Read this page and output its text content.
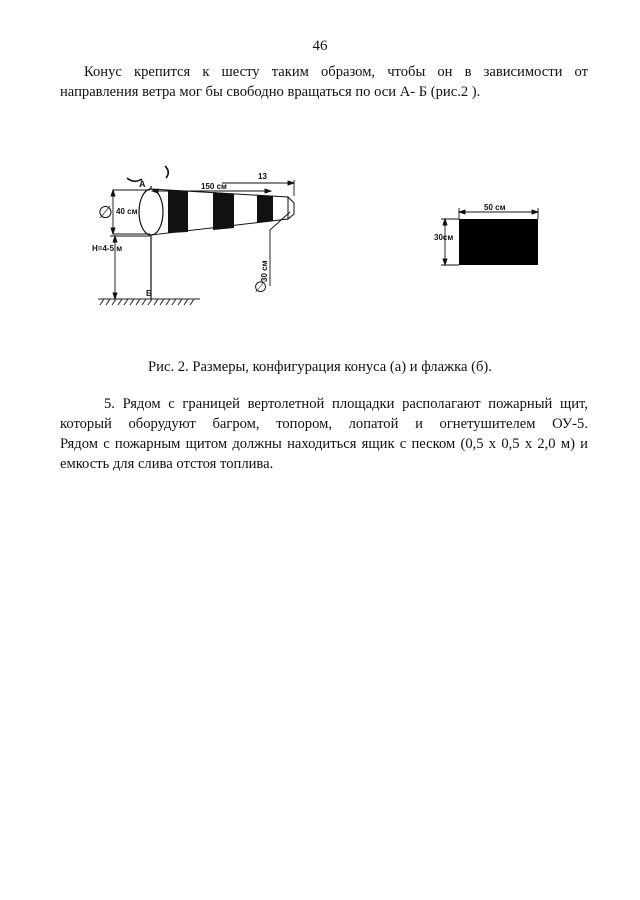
46
Конус крепится к шесту таким образом, чтобы он в зависимости от
направления ветра мог бы свободно вращаться по оси А- Б (рис.2 ).
Н=4-5 м
Б
А	150 см
13
∅ 40 см
∅
30 см
50 см
30см
Рис. 2. Размеры, конфигурация конуса (а) и флажка (б).
5. Рядом с границей вертолетной площадки располагают пожарный щит,
который оборудуют багром, топором, лопатой и огнетушителем ОУ-5.
Рядом с пожарным щитом должны находиться ящик с песком (0,5 х 0,5 х 2,0 м) и
емкость для слива отстоя топлива.
